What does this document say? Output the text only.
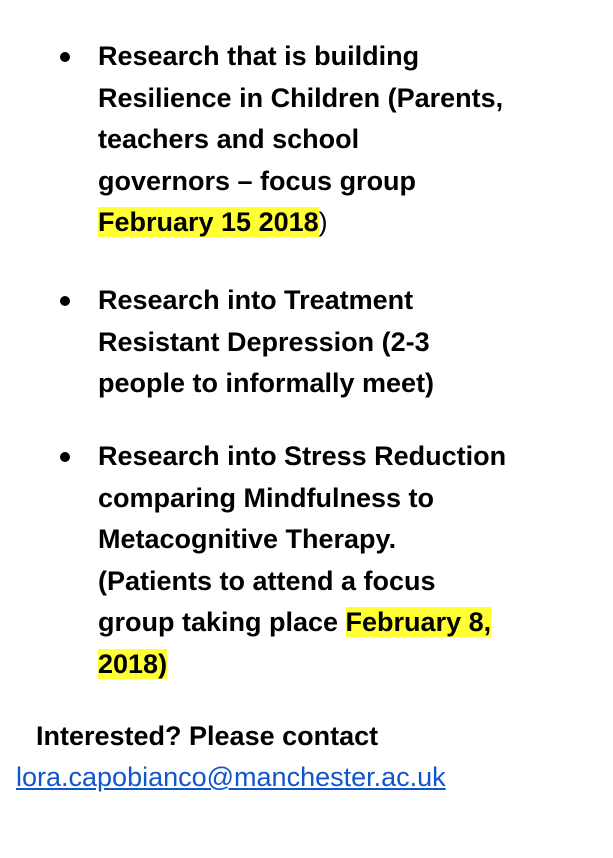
Research that is building
Resilience in Children (Parents,
teachers and school
governors – focus group
February 15 2018)
Research into Treatment
Resistant Depression (2-3
people to informally meet)
Research into Stress Reduction
comparing Mindfulness to
Metacognitive Therapy.
(Patients to attend a focus
group taking place February 8,
2018)
Interested? Please contact
lora.capobianco@manchester.ac.uk
